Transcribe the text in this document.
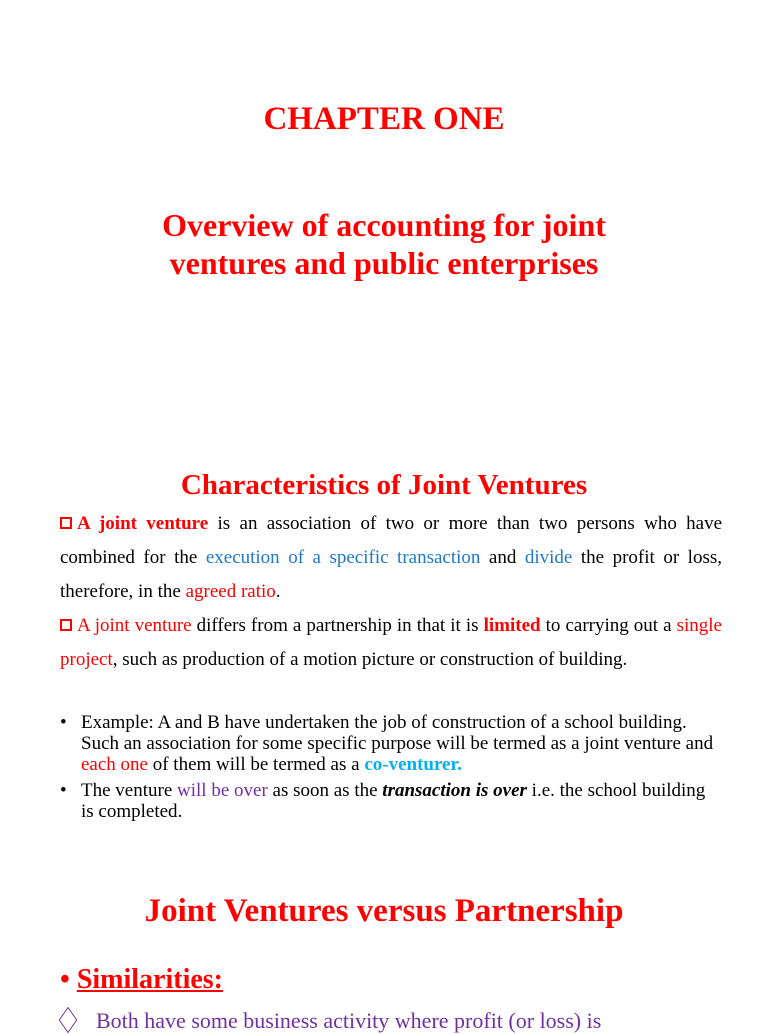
CHAPTER ONE
Overview of accounting for joint ventures and public enterprises
Characteristics of Joint Ventures
A joint venture is an association of two or more than two persons who have combined for the execution of a specific transaction and divide the profit or loss, therefore, in the agreed ratio.
A joint venture differs from a partnership in that it is limited to carrying out a single project, such as production of a motion picture or construction of building.
• Example: A and B have undertaken the job of construction of a school building. Such an association for some specific purpose will be termed as a joint venture and each one of them will be termed as a co-venturer.
• The venture will be over as soon as the transaction is over i.e. the school building is completed.
Joint Ventures versus Partnership
• Similarities:
Both have some business activity where profit (or loss) is
